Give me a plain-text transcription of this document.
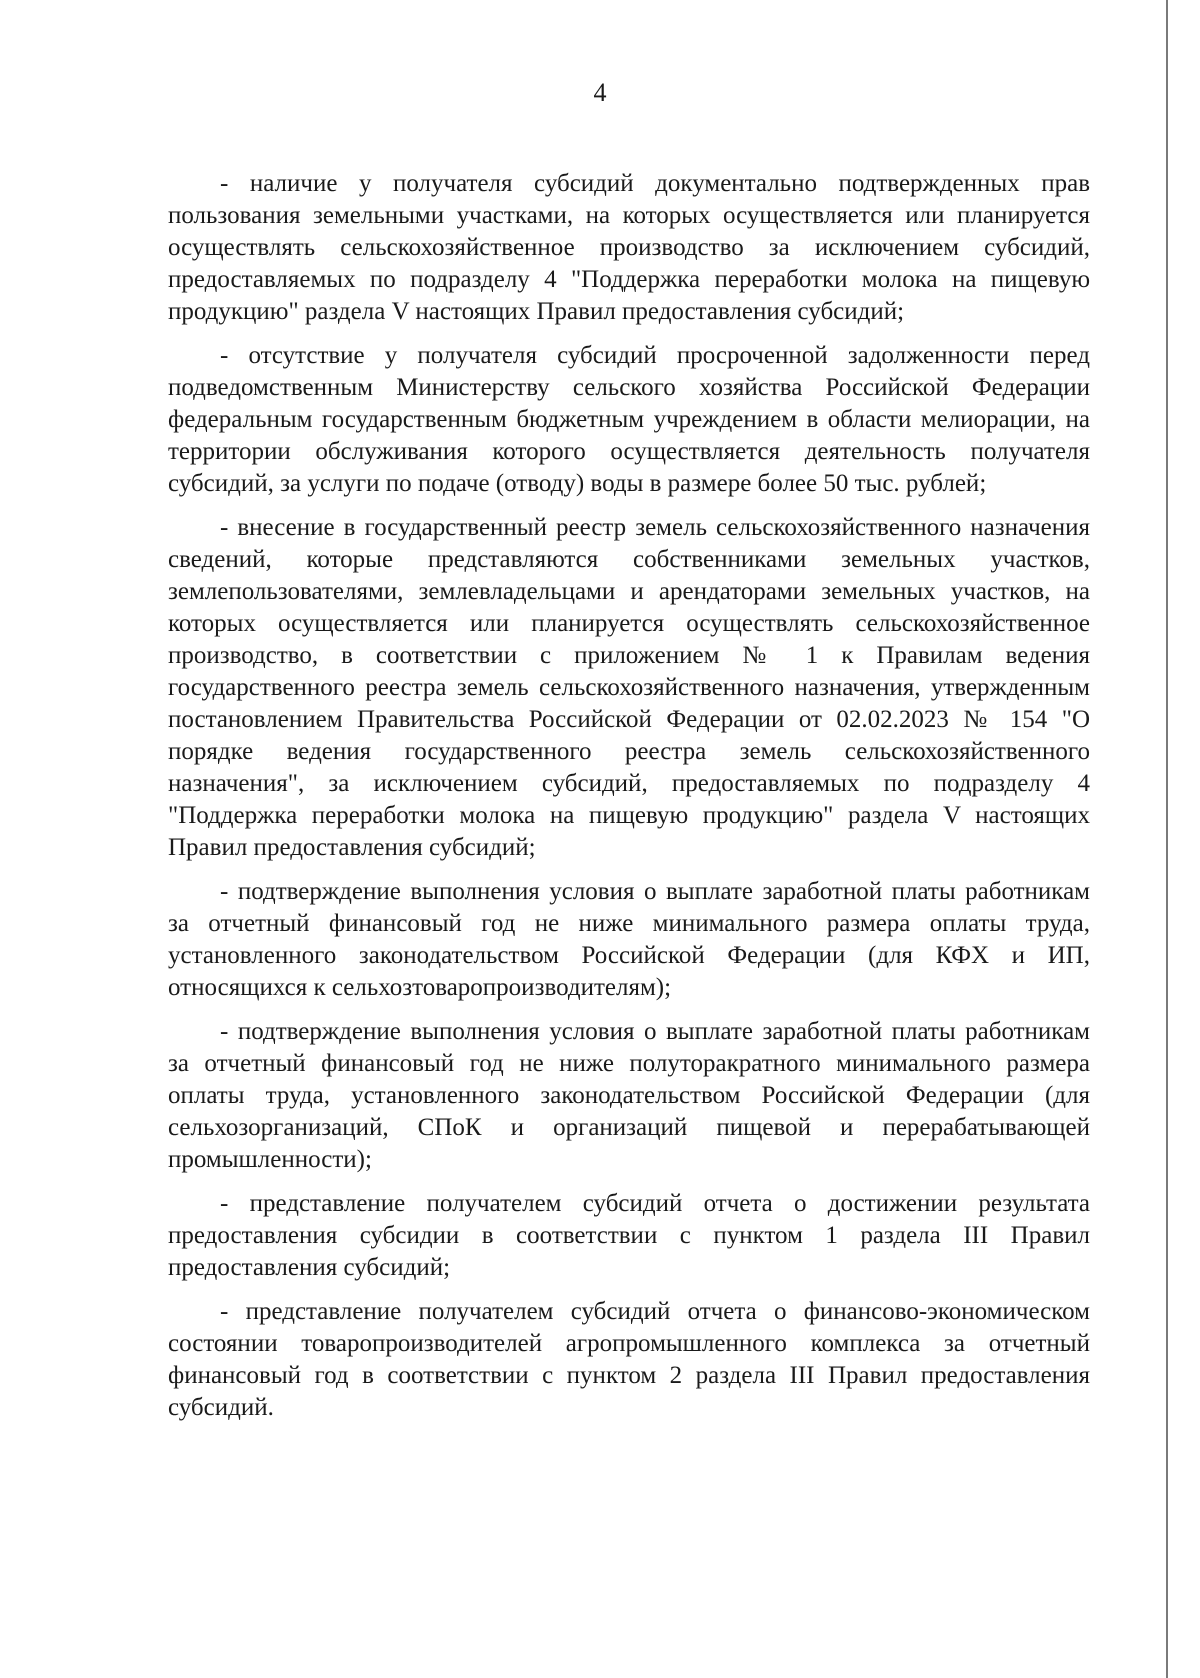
4

- наличие у получателя субсидий документально подтвержденных прав пользования земельными участками, на которых осуществляется или планируется осуществлять сельскохозяйственное производство за исключением субсидий, предоставляемых по подразделу 4 "Поддержка переработки молока на пищевую продукцию" раздела V настоящих Правил предоставления субсидий;

- отсутствие у получателя субсидий просроченной задолженности перед подведомственным Министерству сельского хозяйства Российской Федерации федеральным государственным бюджетным учреждением в области мелиорации, на территории обслуживания которого осуществляется деятельность получателя субсидий, за услуги по подаче (отводу) воды в размере более 50 тыс. рублей;

- внесение в государственный реестр земель сельскохозяйственного назначения сведений, которые представляются собственниками земельных участков, землепользователями, землевладельцами и арендаторами земельных участков, на которых осуществляется или планируется осуществлять сельскохозяйственное производство, в соответствии с приложением № 1 к Правилам ведения государственного реестра земель сельскохозяйственного назначения, утвержденным постановлением Правительства Российской Федерации от 02.02.2023 № 154 "О порядке ведения государственного реестра земель сельскохозяйственного назначения", за исключением субсидий, предоставляемых по подразделу 4 "Поддержка переработки молока на пищевую продукцию" раздела V настоящих Правил предоставления субсидий;

- подтверждение выполнения условия о выплате заработной платы работникам за отчетный финансовый год не ниже минимального размера оплаты труда, установленного законодательством Российской Федерации (для КФХ и ИП, относящихся к сельхозтоваропроизводителям);

- подтверждение выполнения условия о выплате заработной платы работникам за отчетный финансовый год не ниже полуторакратного минимального размера оплаты труда, установленного законодательством Российской Федерации (для сельхозорганизаций, СПоК и организаций пищевой и перерабатывающей промышленности);

- представление получателем субсидий отчета о достижении результата предоставления субсидии в соответствии с пунктом 1 раздела III Правил предоставления субсидий;

- представление получателем субсидий отчета о финансово-экономическом состоянии товаропроизводителей агропромышленного комплекса за отчетный финансовый год в соответствии с пунктом 2 раздела III Правил предоставления субсидий.
